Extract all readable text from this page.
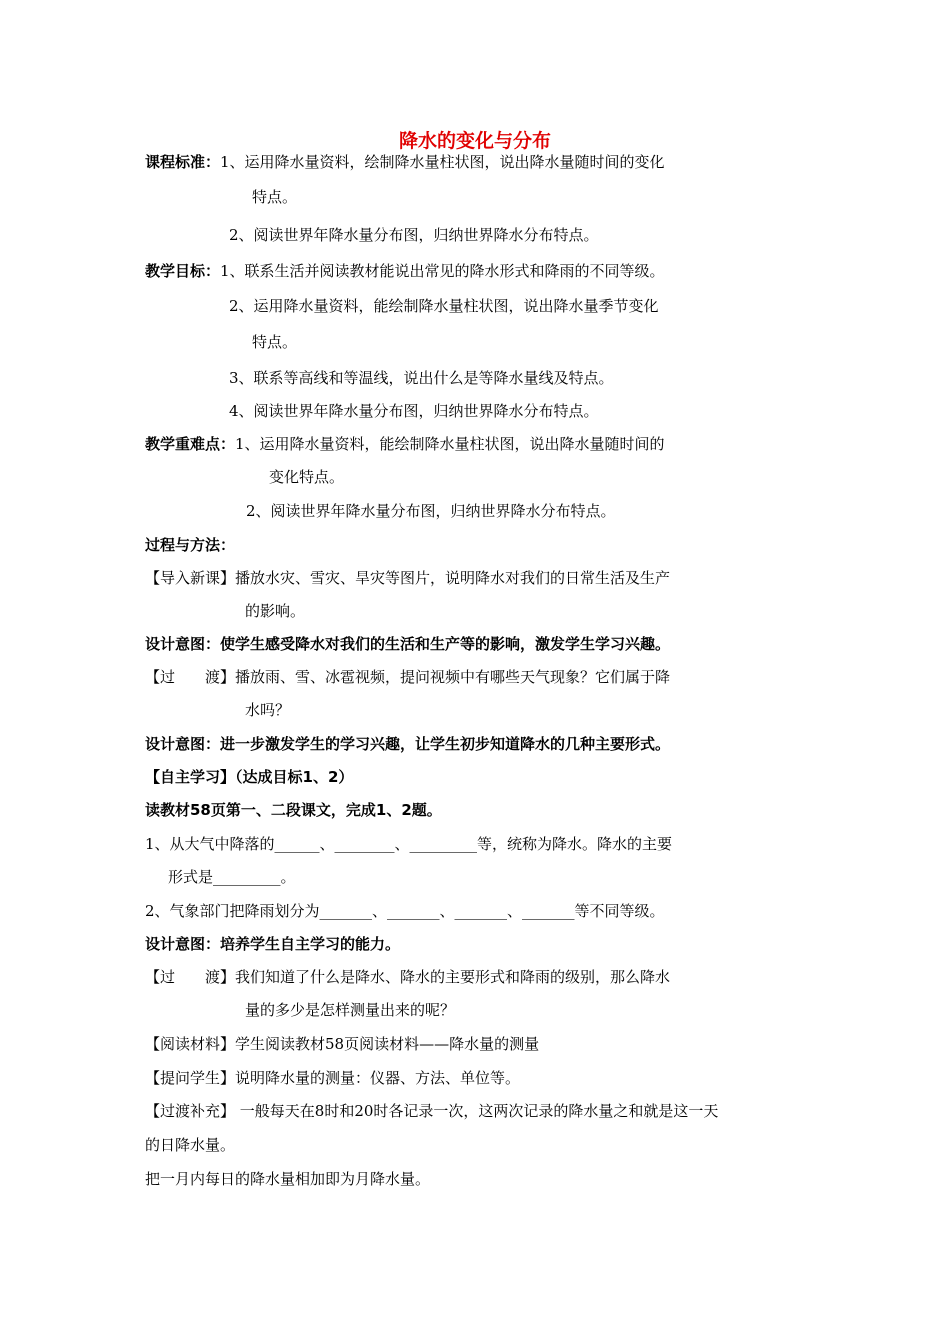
降水的变化与分布
课程标准：1、运用降水量资料，绘制降水量柱状图，说出降水量随时间的变化
特点。
2、阅读世界年降水量分布图，归纳世界降水分布特点。
教学目标：1、联系生活并阅读教材能说出常见的降水形式和降雨的不同等级。
2、运用降水量资料，能绘制降水量柱状图，说出降水量季节变化
特点。
3、联系等高线和等温线，说出什么是等降水量线及特点。
4、阅读世界年降水量分布图，归纳世界降水分布特点。
教学重难点：1、运用降水量资料，能绘制降水量柱状图，说出降水量随时间的
变化特点。
2、阅读世界年降水量分布图，归纳世界降水分布特点。
过程与方法：
【导入新课】播放水灾、雪灾、旱灾等图片，说明降水对我们的日常生活及生产
的影响。
设计意图：使学生感受降水对我们的生活和生产等的影响，激发学生学习兴趣。
【过　　渡】播放雨、雪、冰雹视频，提问视频中有哪些天气现象？它们属于降
水吗？
设计意图：进一步激发学生的学习兴趣，让学生初步知道降水的几种主要形式。
【自主学习】（达成目标1、2）
读教材58页第一、二段课文，完成1、2题。
1、从大气中降落的______、________、_________等，统称为降水。降水的主要
形式是_________。
2、气象部门把降雨划分为_______、_______、_______、_______等不同等级。
设计意图：培养学生自主学习的能力。
【过　　渡】我们知道了什么是降水、降水的主要形式和降雨的级别，那么降水
量的多少是怎样测量出来的呢？
【阅读材料】学生阅读教材58页阅读材料——降水量的测量
【提问学生】说明降水量的测量：仪器、方法、单位等。
【过渡补充】 一般每天在8时和20时各记录一次，这两次记录的降水量之和就是这一天
的日降水量。
把一月内每日的降水量相加即为月降水量。
